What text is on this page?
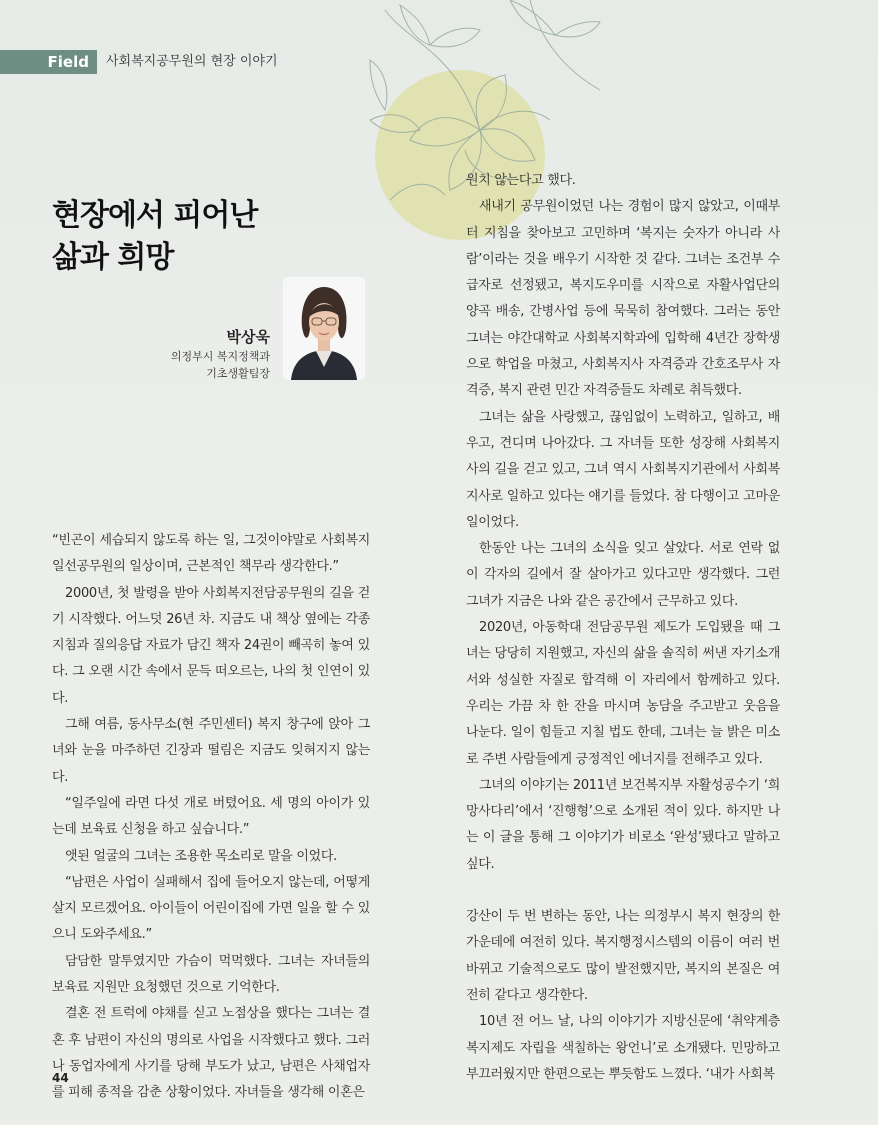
Field	사회복지공무원의 현장 이야기
현장에서 피어난
삶과 희망
박상욱
의정부시 복지정책과
기초생활팀장

“빈곤이 세습되지 않도록 하는 일, 그것이야말로 사회복지 일선공무원의 일상이며, 근본적인 책무라 생각한다.”

2000년, 첫 발령을 받아 사회복지전담공무원의 길을 걷기 시작했다. 어느덧 26년 차. 지금도 내 책상 옆에는 각종 지침과 질의응답 자료가 담긴 책자 24권이 빼곡히 놓여 있다. 그 오랜 시간 속에서 문득 떠오르는, 나의 첫 인연이 있다.

그해 여름, 동사무소(현 주민센터) 복지 창구에 앉아 그녀와 눈을 마주하던 긴장과 떨림은 지금도 잊혀지지 않는다.

“일주일에 라면 다섯 개로 버텼어요. 세 명의 아이가 있는데 보육료 신청을 하고 싶습니다.”

앳된 얼굴의 그녀는 조용한 목소리로 말을 이었다.

“남편은 사업이 실패해서 집에 들어오지 않는데, 어떻게 살지 모르겠어요. 아이들이 어린이집에 가면 일을 할 수 있으니 도와주세요.”

담담한 말투였지만 가슴이 먹먹했다. 그녀는 자녀들의 보육료 지원만 요청했던 것으로 기억한다.

결혼 전 트럭에 야채를 싣고 노점상을 했다는 그녀는 결혼 후 남편이 자신의 명의로 사업을 시작했다고 했다. 그러나 동업자에게 사기를 당해 부도가 났고, 남편은 사채업자를 피해 종적을 감춘 상황이었다. 자녀들을 생각해 이혼은

원치 않는다고 했다.

새내기 공무원이었던 나는 경험이 많지 않았고, 이때부터 지침을 찾아보고 고민하며 ‘복지는 숫자가 아니라 사람’이라는 것을 배우기 시작한 것 같다. 그녀는 조건부 수급자로 선정됐고, 복지도우미를 시작으로 자활사업단의 양곡 배송, 간병사업 등에 묵묵히 참여했다. 그러는 동안 그녀는 야간대학교 사회복지학과에 입학해 4년간 장학생으로 학업을 마쳤고, 사회복지사 자격증과 간호조무사 자격증, 복지 관련 민간 자격증들도 차례로 취득했다.

그녀는 삶을 사랑했고, 끊임없이 노력하고, 일하고, 배우고, 견디며 나아갔다. 그 자녀들 또한 성장해 사회복지사의 길을 걷고 있고, 그녀 역시 사회복지기관에서 사회복지사로 일하고 있다는 얘기를 들었다. 참 다행이고 고마운 일이었다.

한동안 나는 그녀의 소식을 잊고 살았다. 서로 연락 없이 각자의 길에서 잘 살아가고 있다고만 생각했다. 그런 그녀가 지금은 나와 같은 공간에서 근무하고 있다.

2020년, 아동학대 전담공무원 제도가 도입됐을 때 그녀는 당당히 지원했고, 자신의 삶을 솔직히 써낸 자기소개서와 성실한 자질로 합격해 이 자리에서 함께하고 있다. 우리는 가끔 차 한 잔을 마시며 농담을 주고받고 웃음을 나눈다. 일이 힘들고 지칠 법도 한데, 그녀는 늘 밝은 미소로 주변 사람들에게 긍정적인 에너지를 전해주고 있다.

그녀의 이야기는 2011년 보건복지부 자활성공수기 ‘희망사다리’에서 ‘진행형’으로 소개된 적이 있다. 하지만 나는 이 글을 통해 그 이야기가 비로소 ‘완성’됐다고 말하고 싶다.

강산이 두 번 변하는 동안, 나는 의정부시 복지 현장의 한 가운데에 여전히 있다. 복지행정시스템의 이름이 여러 번 바뀌고 기술적으로도 많이 발전했지만, 복지의 본질은 여전히 같다고 생각한다.

10년 전 어느 날, 나의 이야기가 지방신문에 ‘취약계층 복지제도 자립을 색칠하는 왕언니’로 소개됐다. 민망하고 부끄러웠지만 한편으로는 뿌듯함도 느꼈다. ‘내가 사회복

44
